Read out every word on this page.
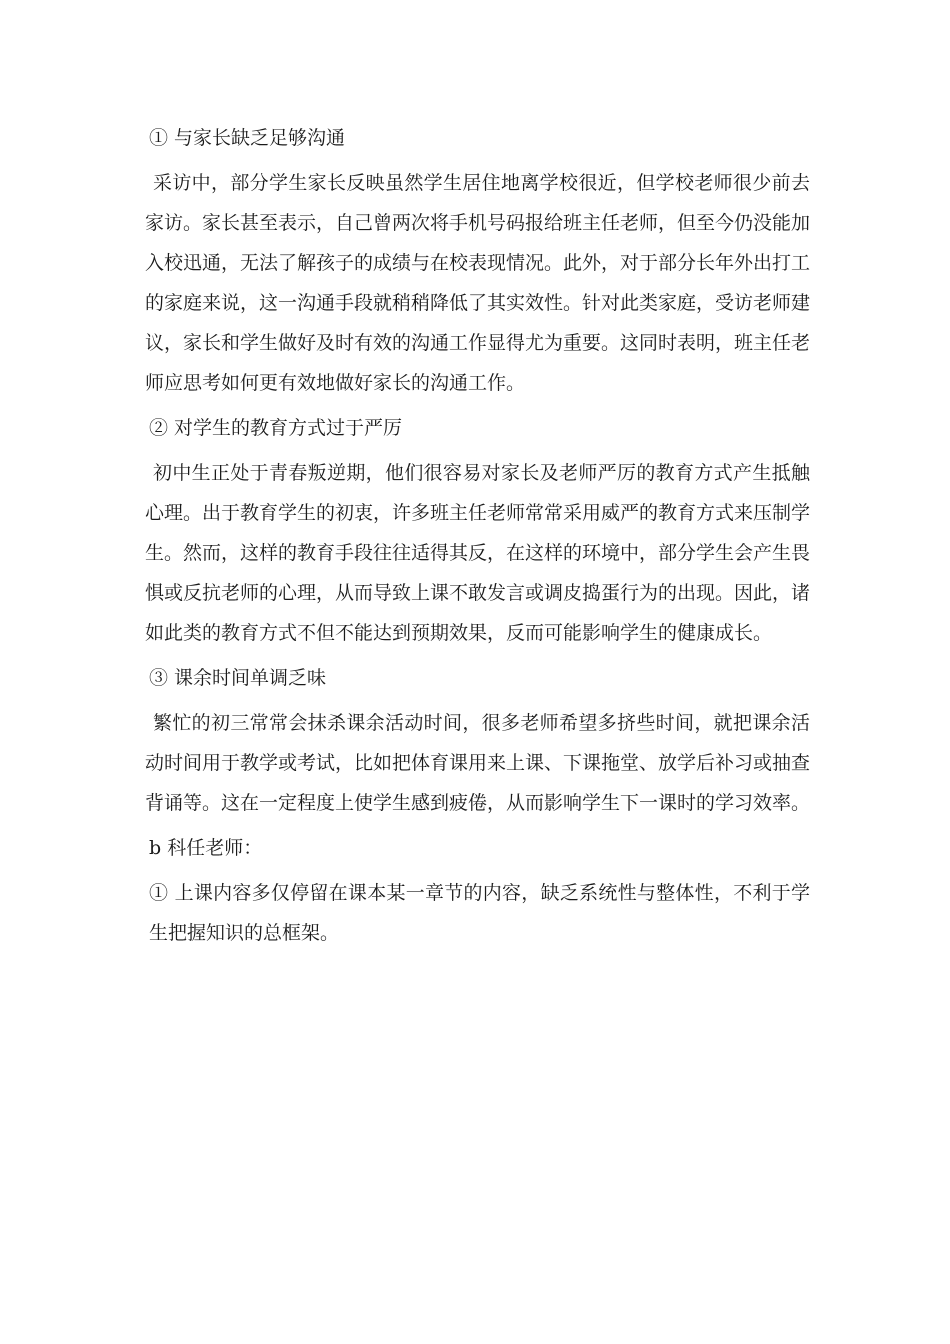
① 与家长缺乏足够沟通

采访中，部分学生家长反映虽然学生居住地离学校很近，但学校老师很少前去家访。家长甚至表示，自己曾两次将手机号码报给班主任老师，但至今仍没能加入校迅通，无法了解孩子的成绩与在校表现情况。此外，对于部分长年外出打工的家庭来说，这一沟通手段就稍稍降低了其实效性。针对此类家庭，受访老师建议，家长和学生做好及时有效的沟通工作显得尤为重要。这同时表明，班主任老师应思考如何更有效地做好家长的沟通工作。

② 对学生的教育方式过于严厉

初中生正处于青春叛逆期，他们很容易对家长及老师严厉的教育方式产生抵触心理。出于教育学生的初衷，许多班主任老师常常采用威严的教育方式来压制学生。然而，这样的教育手段往往适得其反，在这样的环境中，部分学生会产生畏惧或反抗老师的心理，从而导致上课不敢发言或调皮捣蛋行为的出现。因此，诸如此类的教育方式不但不能达到预期效果，反而可能影响学生的健康成长。

③ 课余时间单调乏味

繁忙的初三常常会抹杀课余活动时间，很多老师希望多挤些时间，就把课余活动时间用于教学或考试，比如把体育课用来上课、下课拖堂、放学后补习或抽查背诵等。这在一定程度上使学生感到疲倦，从而影响学生下一课时的学习效率。

b 科任老师：

① 上课内容多仅停留在课本某一章节的内容，缺乏系统性与整体性，不利于学生把握知识的总框架。
